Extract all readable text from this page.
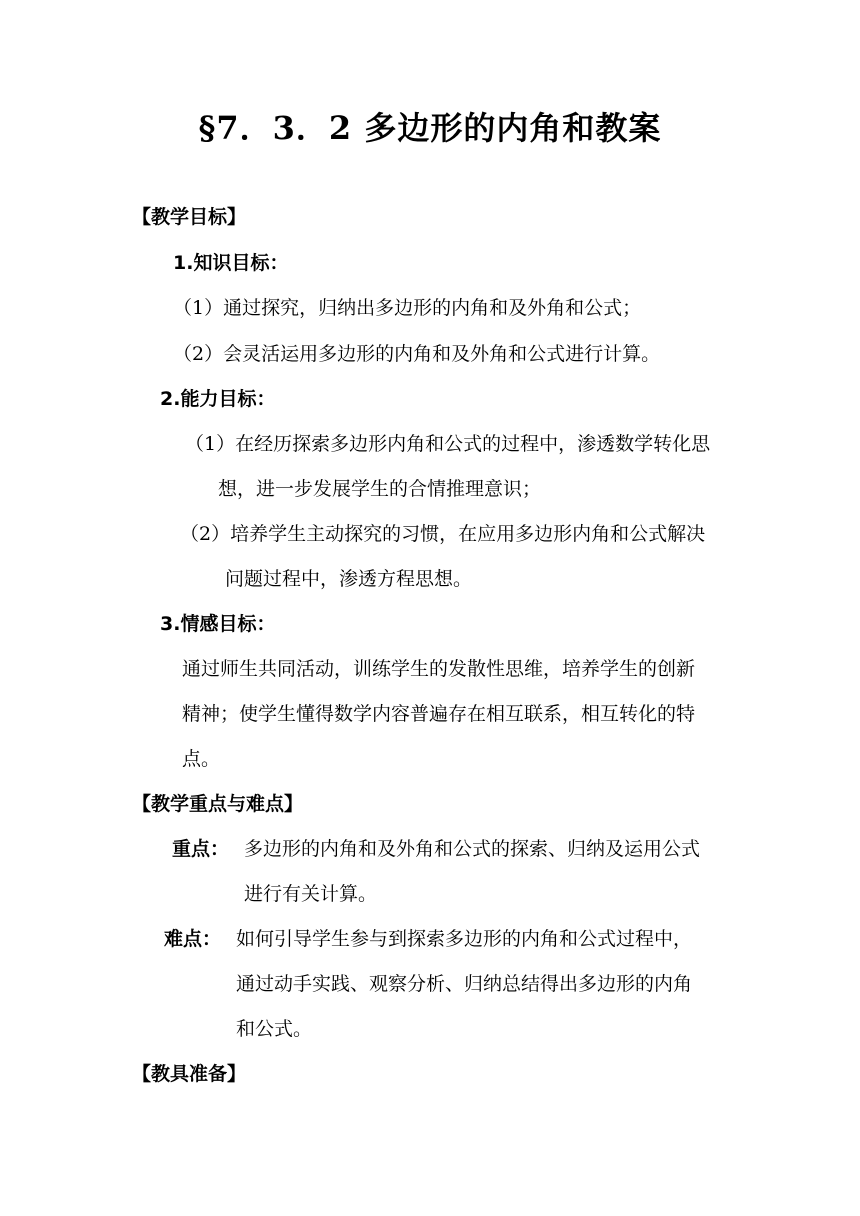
§7．3．2 多边形的内角和教案
【教学目标】
1.知识目标：
（1）通过探究，归纳出多边形的内角和及外角和公式；
（2）会灵活运用多边形的内角和及外角和公式进行计算。
2.能力目标：
（1）在经历探索多边形内角和公式的过程中，渗透数学转化思
想，进一步发展学生的合情推理意识；
（2）培养学生主动探究的习惯，在应用多边形内角和公式解决
问题过程中，渗透方程思想。
3.情感目标：
通过师生共同活动，训练学生的发散性思维，培养学生的创新
精神；使学生懂得数学内容普遍存在相互联系，相互转化的特
点。
【教学重点与难点】
重点： 多边形的内角和及外角和公式的探索、归纳及运用公式
进行有关计算。
难点： 如何引导学生参与到探索多边形的内角和公式过程中，
通过动手实践、观察分析、归纳总结得出多边形的内角
和公式。
【教具准备】
